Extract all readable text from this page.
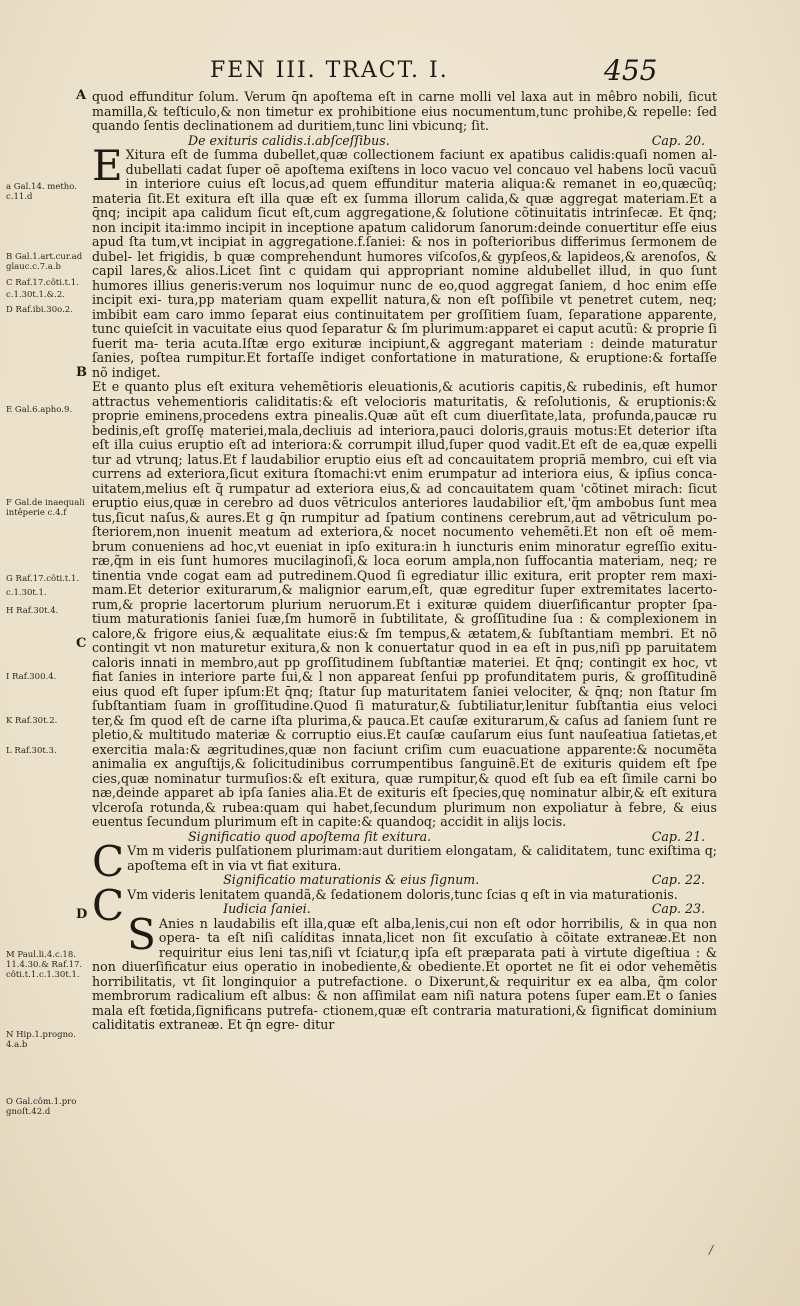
FEN III. TRACT. I.	455
A
B
C
D
a Gal.14. metho. c.11.d
B Gal.1.art.cur.ad glauc.c.7.a.b
C Raf.17.côti.t.1.
c.1.30t.1.&.2.
D Raf.ibi.30o.2.
E Gal.6.apho.9.
F Gal.de inaequali intêperie c.4.f
G Raf.17.côti.t.1.
c.1.30t.1.
H Raf.30t.4.
I Raf.300.4.
K Raf.30t.2.
L Raf.30t.3.
M Paul.li.4.c.18. 11.4.30.& Raf.17. côti.t.1.c.1.30t.1.
N Hip.1.progno. 4.a.b
O Gal.côm.1.pro gnoſt.42.d

quod effunditur ſolum. Verum q̄n apoſtema eſt in carne molli vel laxa aut in mêbro nobili, ſicut mamilla,& teſticulo,& non timetur ex prohibitione eius nocumentum,tunc prohibe,& repelle: ſed quando ſentis declinationem ad duritiem,tunc lini vbicunq; ſit.

De exituris calidis.i.abſceſſibus.	Cap. 20.

E Xitura eſt de ſumma dubellet,quæ collectionem faciunt ex apatibus calidis:quaſi nomen al- dubellati cadat ſuper oẽ apoſtema exiſtens in loco vacuo vel concauo vel habens locũ vacuũ in interiore cuius eſt locus,ad quem effunditur materia aliqua:& remanet in eo,quæcũq; materia ſit.Et exitura eſt illa quæ eſt ex ſumma illorum calida,& quæ aggregat materiam.Et a q̄nq; incipit apa calidum ſicut eſt,cum aggregatione,& ſolutione cõtinuitatis intrinſecæ. Et q̄nq; non incipit ita:immo incipit in inceptione apatum calidorum ſanorum:deinde conuertitur eſſe eius apud ſta tum,vt incipiat in aggregatione.f.ſaniei: & nos in poſterioribus differimus ſermonem de dubel- let frigidis, b quæ comprehendunt humores viſcoſos,& gypſeos,& lapideos,& arenoſos, & capil lares,& alios.Licet ſint c quidam qui appropriant nomine aldubellet illud, in quo ſunt humores illius generis:verum nos loquimur nunc de eo,quod aggregat ſaniem, d hoc enim eſſe incipit exi- tura,pp materiam quam expellit natura,& non eſt poſſibile vt penetret cutem, neq; imbibit eam caro immo ſeparat eius continuitatem per groſſitiem ſuam, ſeparatione apparente, tunc quieſcit in vacuitate eius quod ſeparatur & ſm plurimum:apparet ei caput acutũ: & proprie ſi fuerit ma- teria acuta.Iſtæ ergo exituræ incipiunt,& aggregant materiam : deinde maturatur ſanies, poſtea rumpitur.Et fortaſſe indiget confortatione in maturatione, & eruptione:& fortaſſe nõ indiget.

Et e quanto plus eſt exitura vehemẽtioris eleuationis,& acutioris capitis,& rubedinis, eſt humor attractus vehementioris caliditatis:& eſt velocioris maturitatis, & reſolutionis, & eruptionis:& proprie eminens,procedens extra pinealis.Quæ aũt eſt cum diuerſitate,lata, profunda,paucæ ru bedinis,eſt groſſę materiei,mala,decliuis ad interiora,pauci doloris,grauis motus:Et deterior iſta eſt illa cuius eruptio eſt ad interiora:& corrumpit illud,ſuper quod vadit.Et eſt de ea,quæ expelli tur ad vtrunq; latus.Et f laudabilior eruptio eius eſt ad concauitatem propriã membro, cui eſt via currens ad exteriora,ſicut exitura ſtomachi:vt enim erumpatur ad interiora eius, & ipſius conca- uitatem,melius eſt q̃ rumpatur ad exteriora eius,& ad concauitatem quam 'cõtinet mirach: ſicut eruptio eius,quæ in cerebro ad duos vẽtriculos anteriores laudabilior eſt,'q̃m ambobus ſunt mea tus,ſicut naſus,& aures.Et g q̄n rumpitur ad ſpatium continens cerebrum,aut ad vẽtriculum po- ſteriorem,non inuenit meatum ad exteriora,& nocet nocumento vehemẽti.Et non eſt oẽ mem- brum conueniens ad hoc,vt eueniat in ipſo exitura:in h iuncturis enim minoratur egreſſio exitu- ræ,q̃m in eis ſunt humores mucilaginoſi,& loca eorum ampla,non ſuffocantia materiam, neq; re tinentia vnde cogat eam ad putredinem.Quod ſi egrediatur illic exitura, erit propter rem maxi- mam.Et deterior exiturarum,& malignior earum,eſt, quæ egreditur ſuper extremitates lacerto- rum,& proprie lacertorum plurium neruorum.Et i exituræ quidem diuerſificantur propter ſpa- tium maturationis ſaniei ſuæ,ſm humorẽ in ſubtilitate, & groſſitudine ſua : & complexionem in calore,& frigore eius,& æqualitate eius:& ſm tempus,& ætatem,& ſubſtantiam membri. Et nõ contingit vt non maturetur exitura,& non k conuertatur quod in ea eſt in pus,niſi pp paruitatem caloris innati in membro,aut pp groſſitudinem ſubſtantiæ materiei. Et q̄nq; contingit ex hoc, vt fiat ſanies in interiore parte ſui,& l non appareat ſenſui pp profunditatem puris, & groſſitudinẽ eius quod eſt ſuper ipſum:Et q̄nq; ſtatur ſup maturitatem ſaniei velociter, & q̄nq; non ſtatur ſm ſubſtantiam ſuam in groſſitudine.Quod ſi maturatur,& ſubtiliatur,lenitur ſubſtantia eius veloci ter,& ſm quod eſt de carne iſta plurima,& pauca.Et cauſæ exiturarum,& caſus ad ſaniem ſunt re pletio,& multitudo materiæ & corruptio eius.Et cauſæ cauſarum eius ſunt nauſeatiua ſatietas,et exercitia mala:& ægritudines,quæ non faciunt criſim cum euacuatione apparente:& nocumẽta animalia ex anguſtijs,& ſolicitudinibus corrumpentibus ſanguinẽ.Et de exituris quidem eſt ſpe cies,quæ nominatur turmuſios:& eſt exitura, quæ rumpitur,& quod eſt ſub ea eſt ſimile carni bo næ,deinde apparet ab ipſa ſanies alia.Et de exituris eſt ſpecies,quę nominatur albir,& eſt exitura vlceroſa rotunda,& rubea:quam qui habet,ſecundum plurimum non expoliatur à febre, & eius euentus ſecundum plurimum eſt in capite:& quandoq; accidit in alijs locis.

Significatio quod apoſtema ſit exitura.	Cap. 21.

C Vm m videris pulſationem plurimam:aut duritiem elongatam, & caliditatem, tunc exiſtima q; apoſtema eſt in via vt fiat exitura.

Significatio maturationis & eius ſignum.	Cap. 22.

C Vm videris lenitatem quandã,& ſedationem doloris,tunc ſcias q eſt in via maturationis.

Iudicia ſaniei.	Cap. 23.

S Anies n laudabilis eſt illa,quæ eſt alba,lenis,cui non eſt odor horribilis, & in qua non opera- ta eſt niſi calíditas innata,licet non ſit excuſatio à cõitate extraneæ.Et non requiritur eius leni tas,niſi vt ſciatur,q ipſa eſt præparata pati à virtute digeſtiua : & non diuerſificatur eius operatio in inobediente,& obediente.Et oportet ne ſit ei odor vehemẽtis horribilitatis, vt ſit longinquior a putrefactione. o Dixerunt,& requiritur ex ea alba, q̃m color membrorum radicalium eſt albus: & non aſſimilat eam niſi natura potens ſuper eam.Et o ſanies mala eſt fœtida,ſignificans putrefa- ctionem,quæ eſt contraria maturationi,& ſignificat dominium caliditatis extraneæ. Et q̄n egre- ditur

/
